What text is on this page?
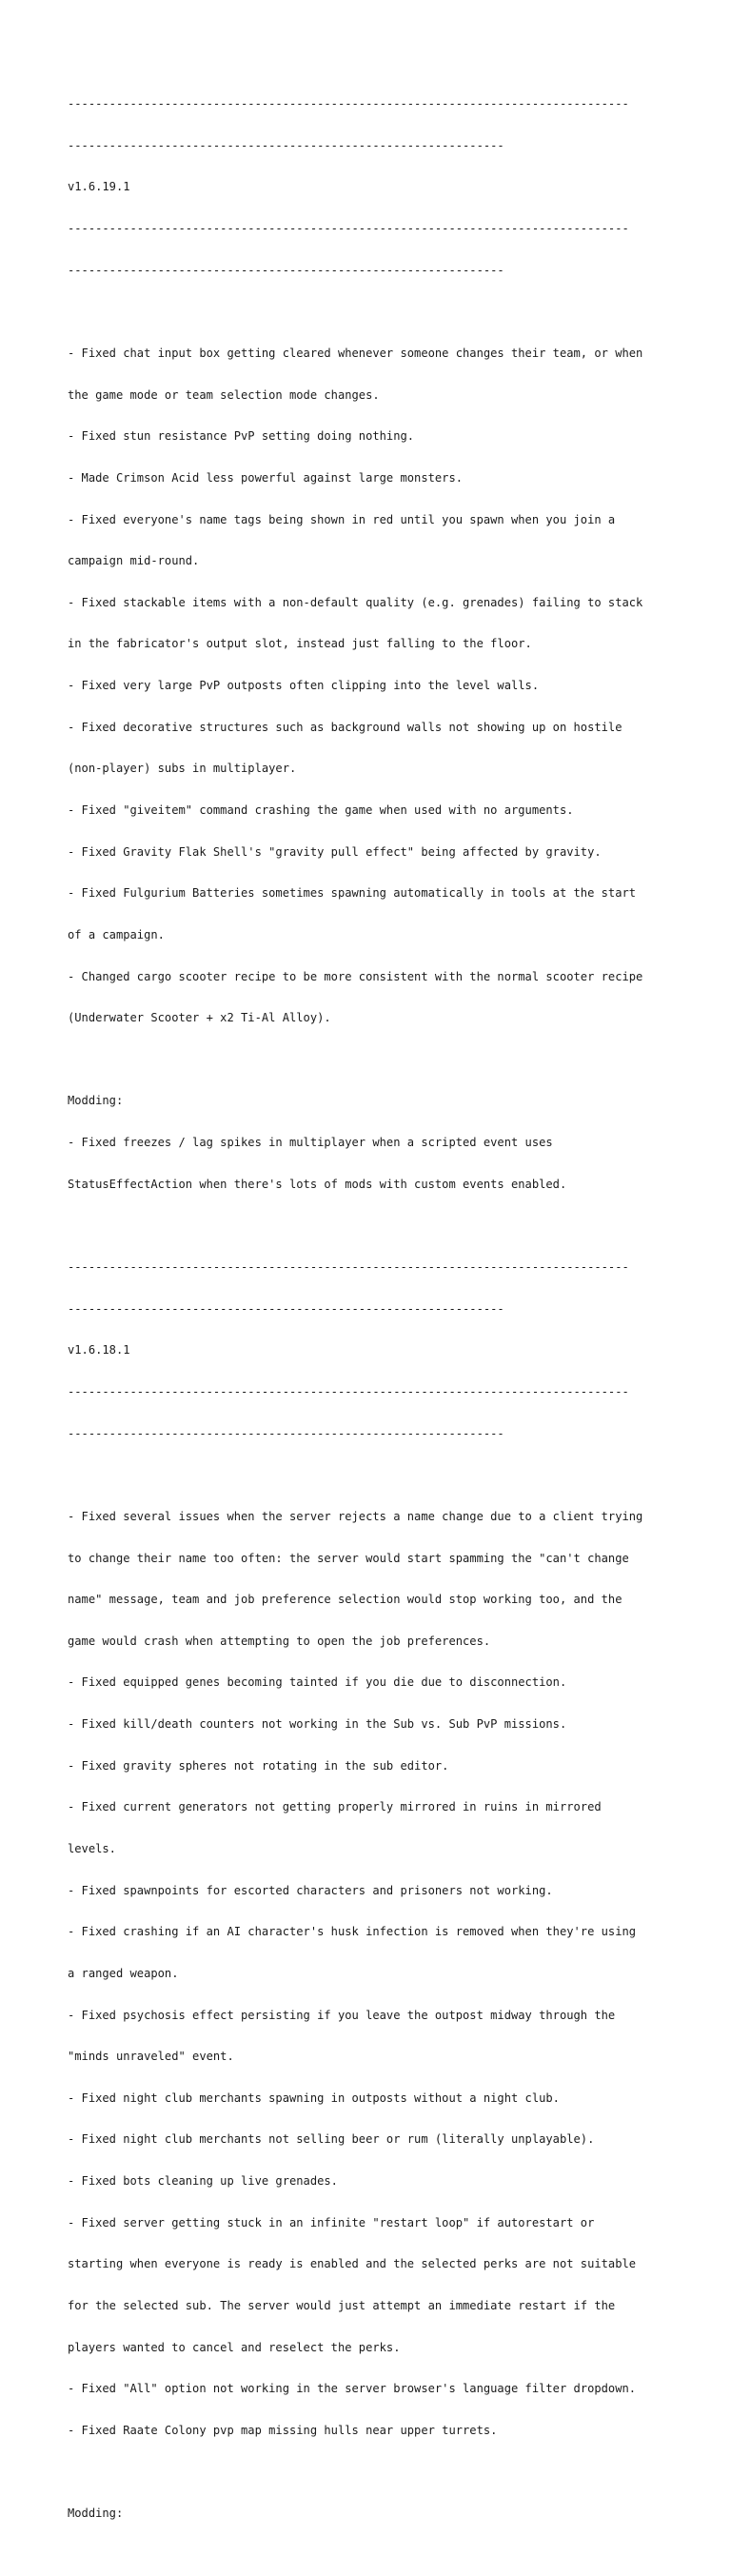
---------------------------------------------------------------------------------

---------------------------------------------------------------

v1.6.19.1

---------------------------------------------------------------------------------

---------------------------------------------------------------

- Fixed chat input box getting cleared whenever someone changes their team, or when

the game mode or team selection mode changes.

- Fixed stun resistance PvP setting doing nothing.

- Made Crimson Acid less powerful against large monsters.

- Fixed everyone's name tags being shown in red until you spawn when you join a

campaign mid-round.

- Fixed stackable items with a non-default quality (e.g. grenades) failing to stack

in the fabricator's output slot, instead just falling to the floor.

- Fixed very large PvP outposts often clipping into the level walls.

- Fixed decorative structures such as background walls not showing up on hostile

(non-player) subs in multiplayer.

- Fixed "giveitem" command crashing the game when used with no arguments.

- Fixed Gravity Flak Shell's "gravity pull effect" being affected by gravity.

- Fixed Fulgurium Batteries sometimes spawning automatically in tools at the start

of a campaign.

- Changed cargo scooter recipe to be more consistent with the normal scooter recipe

(Underwater Scooter + x2 Ti-Al Alloy).

Modding:

- Fixed freezes / lag spikes in multiplayer when a scripted event uses

StatusEffectAction when there's lots of mods with custom events enabled.

---------------------------------------------------------------------------------

---------------------------------------------------------------

v1.6.18.1

---------------------------------------------------------------------------------

---------------------------------------------------------------

- Fixed several issues when the server rejects a name change due to a client trying

to change their name too often: the server would start spamming the "can't change

name" message, team and job preference selection would stop working too, and the

game would crash when attempting to open the job preferences.

- Fixed equipped genes becoming tainted if you die due to disconnection.

- Fixed kill/death counters not working in the Sub vs. Sub PvP missions.

- Fixed gravity spheres not rotating in the sub editor.

- Fixed current generators not getting properly mirrored in ruins in mirrored

levels.

- Fixed spawnpoints for escorted characters and prisoners not working.

- Fixed crashing if an AI character's husk infection is removed when they're using

a ranged weapon.

- Fixed psychosis effect persisting if you leave the outpost midway through the

"minds unraveled" event.

- Fixed night club merchants spawning in outposts without a night club.

- Fixed night club merchants not selling beer or rum (literally unplayable).

- Fixed bots cleaning up live grenades.

- Fixed server getting stuck in an infinite "restart loop" if autorestart or

starting when everyone is ready is enabled and the selected perks are not suitable

for the selected sub. The server would just attempt an immediate restart if the

players wanted to cancel and reselect the perks.

- Fixed "All" option not working in the server browser's language filter dropdown.

- Fixed Raate Colony pvp map missing hulls near upper turrets.

Modding:
